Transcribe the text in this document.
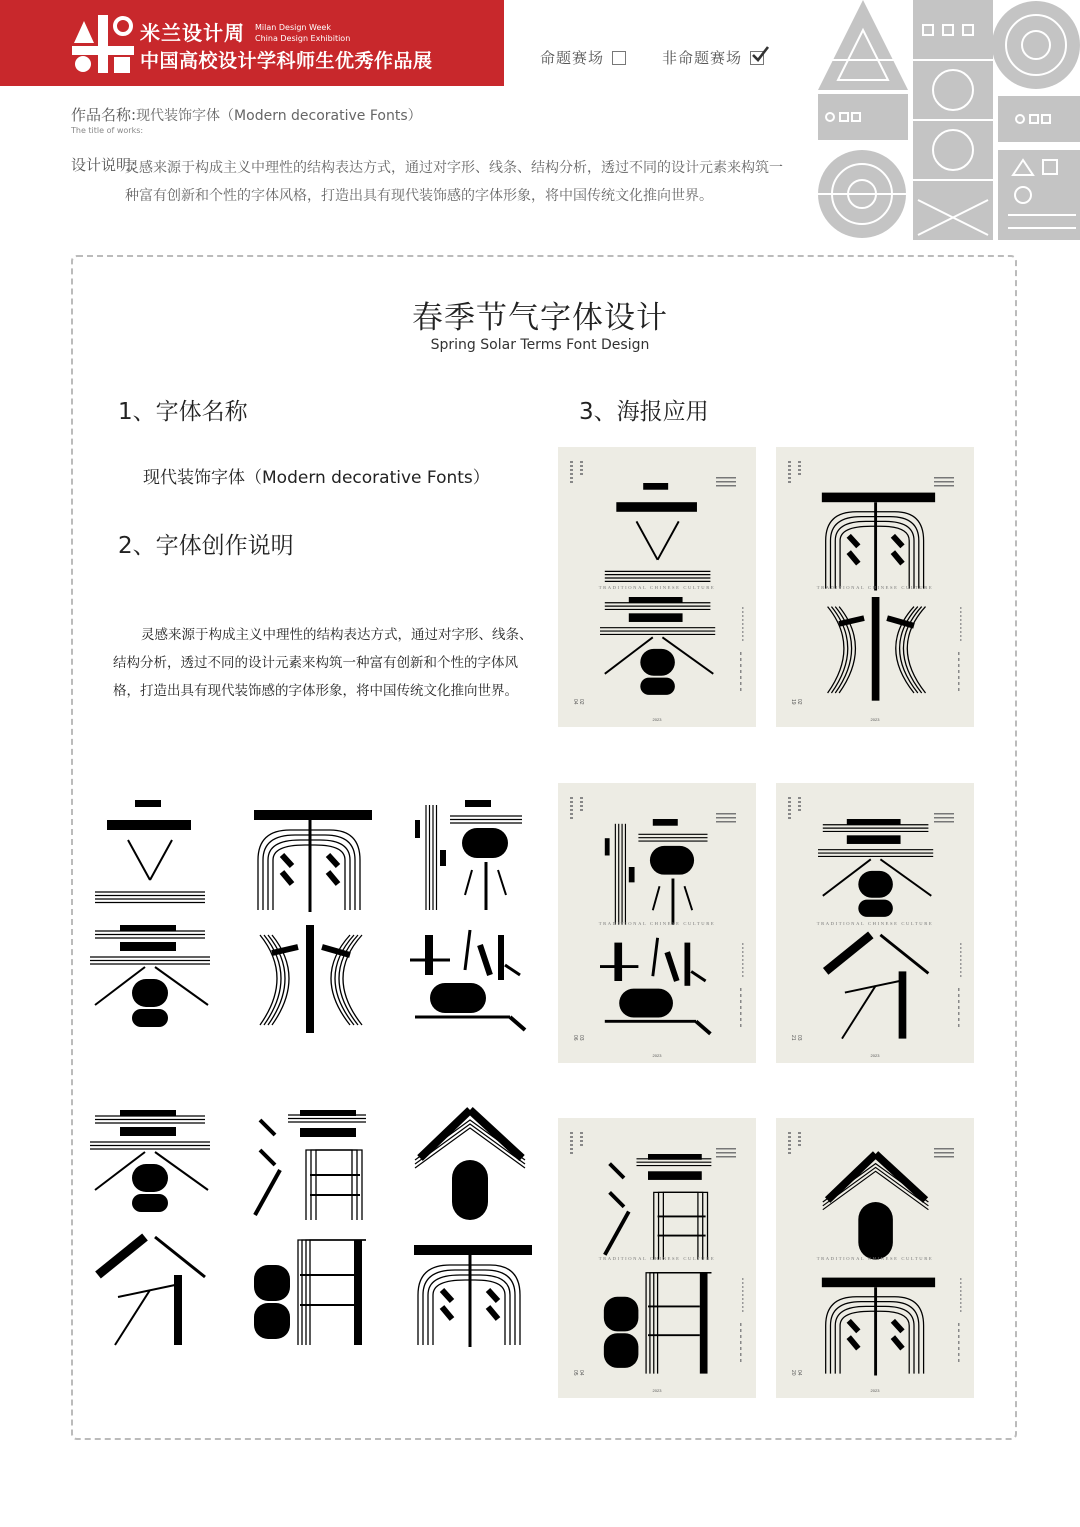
米兰设计周 Milan Design Week
China Design Exhibition
中国高校设计学科师生优秀作品展	命题赛场	非命题赛场
作品名称:现代装饰字体（Modern decorative Fonts）
The title of works:
设计说明:
灵感来源于构成主义中理性的结构表达方式，通过对字形、线条、结构分析，透过不同的设计元素来构筑一种富有创新和个性的字体风格，打造出具有现代装饰感的字体形象，将中国传统文化推向世界。
春季节气字体设计
Spring Solar Terms Font Design
1、字体名称
现代装饰字体（Modern decorative Fonts）
2、字体创作说明
灵感来源于构成主义中理性的结构表达方式，通过对字形、线条、结构分析，透过不同的设计元素来构筑一种富有创新和个性的字体风格，打造出具有现代装饰感的字体形象，将中国传统文化推向世界。
3、海报应用
TRADITIONAL CHINESE CULTURE
02
04
2023
TRADITIONAL CHINESE CULTURE
02
19
2023
TRADITIONAL CHINESE CULTURE
03
06
2023
TRADITIONAL CHINESE CULTURE
03
21
2023
TRADITIONAL CHINESE CULTURE
04
05
2023
TRADITIONAL CHINESE CULTURE
04
20
2023
